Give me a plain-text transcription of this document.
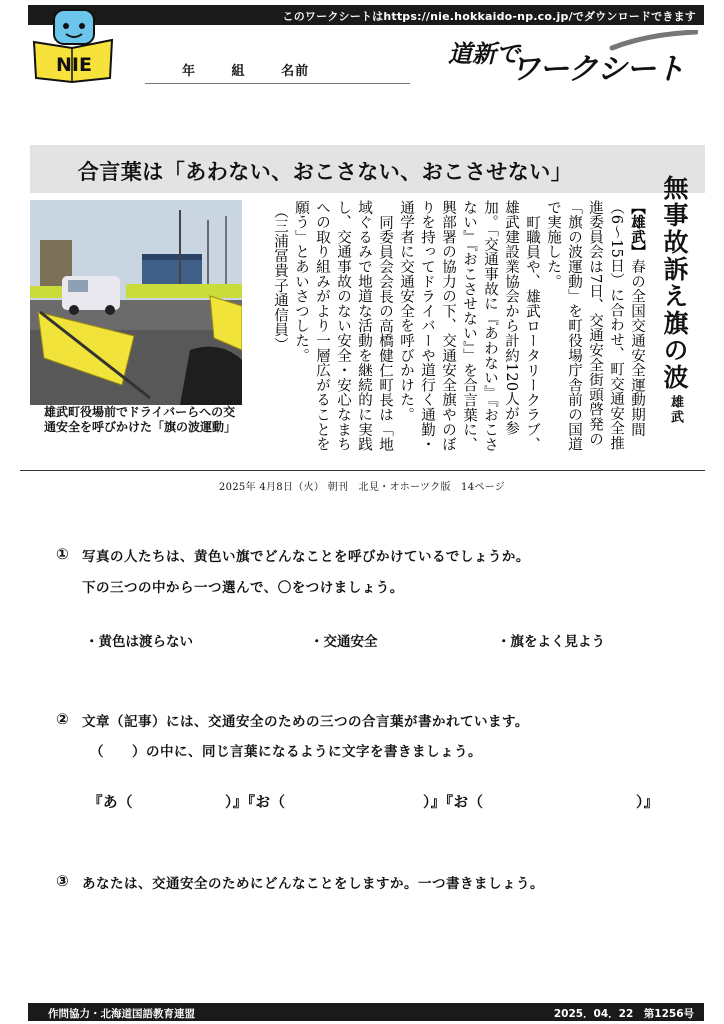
このワークシートはhttps://nie.hokkaido-np.co.jp/でダウンロードできます
NIE	年	組	名前
道新で
ワークシート
合言葉は「あわない、おこさない、おこさせない」
雄武町役場前でドライバーらへの交通安全を呼びかけた「旗の波運動」

【雄武】春の全国交通安全運動期間（6～15日）に合わせ、町交通安全推進委員会は7日、交通安全街頭啓発の「旗の波運動」を町役場庁舎前の国道で実施した。

町職員や、雄武ロータリークラブ、雄武建設業協会から計約120人が参加。「交通事故に『あわない』『おこさない』『おこさせない』」を合言葉に、興部署の協力の下、交通安全旗やのぼりを持ってドライバーや道行く通勤・通学者に交通安全を呼びかけた。

同委員会会長の高橋健仁町長は「地域ぐるみで地道な活動を継続的に実践し、交通事故のない安全・安心なまちへの取り組みがより一層広がることを願う」とあいさつした。

（三浦冨貴子通信員）	無事故訴え旗の波
雄武
2025年 4月8日（火） 朝刊　北見・オホーツク版　14ページ
① 写真の人たちは、黄色い旗でどんなことを呼びかけているでしょうか。
下の三つの中から一つ選んで、〇をつけましょう。
・黄色は渡らない	・交通安全	・旗をよく見よう
② 文章（記事）には、交通安全のための三つの合言葉が書かれています。
（　　）の中に、同じ言葉になるように文字を書きましょう。
『あ（	）』『お（	）』『お（	）』
③ あなたは、交通安全のためにどんなことをしますか。一つ書きましょう。
作問協力・北海道国語教育連盟	2025．04．22　第1256号
